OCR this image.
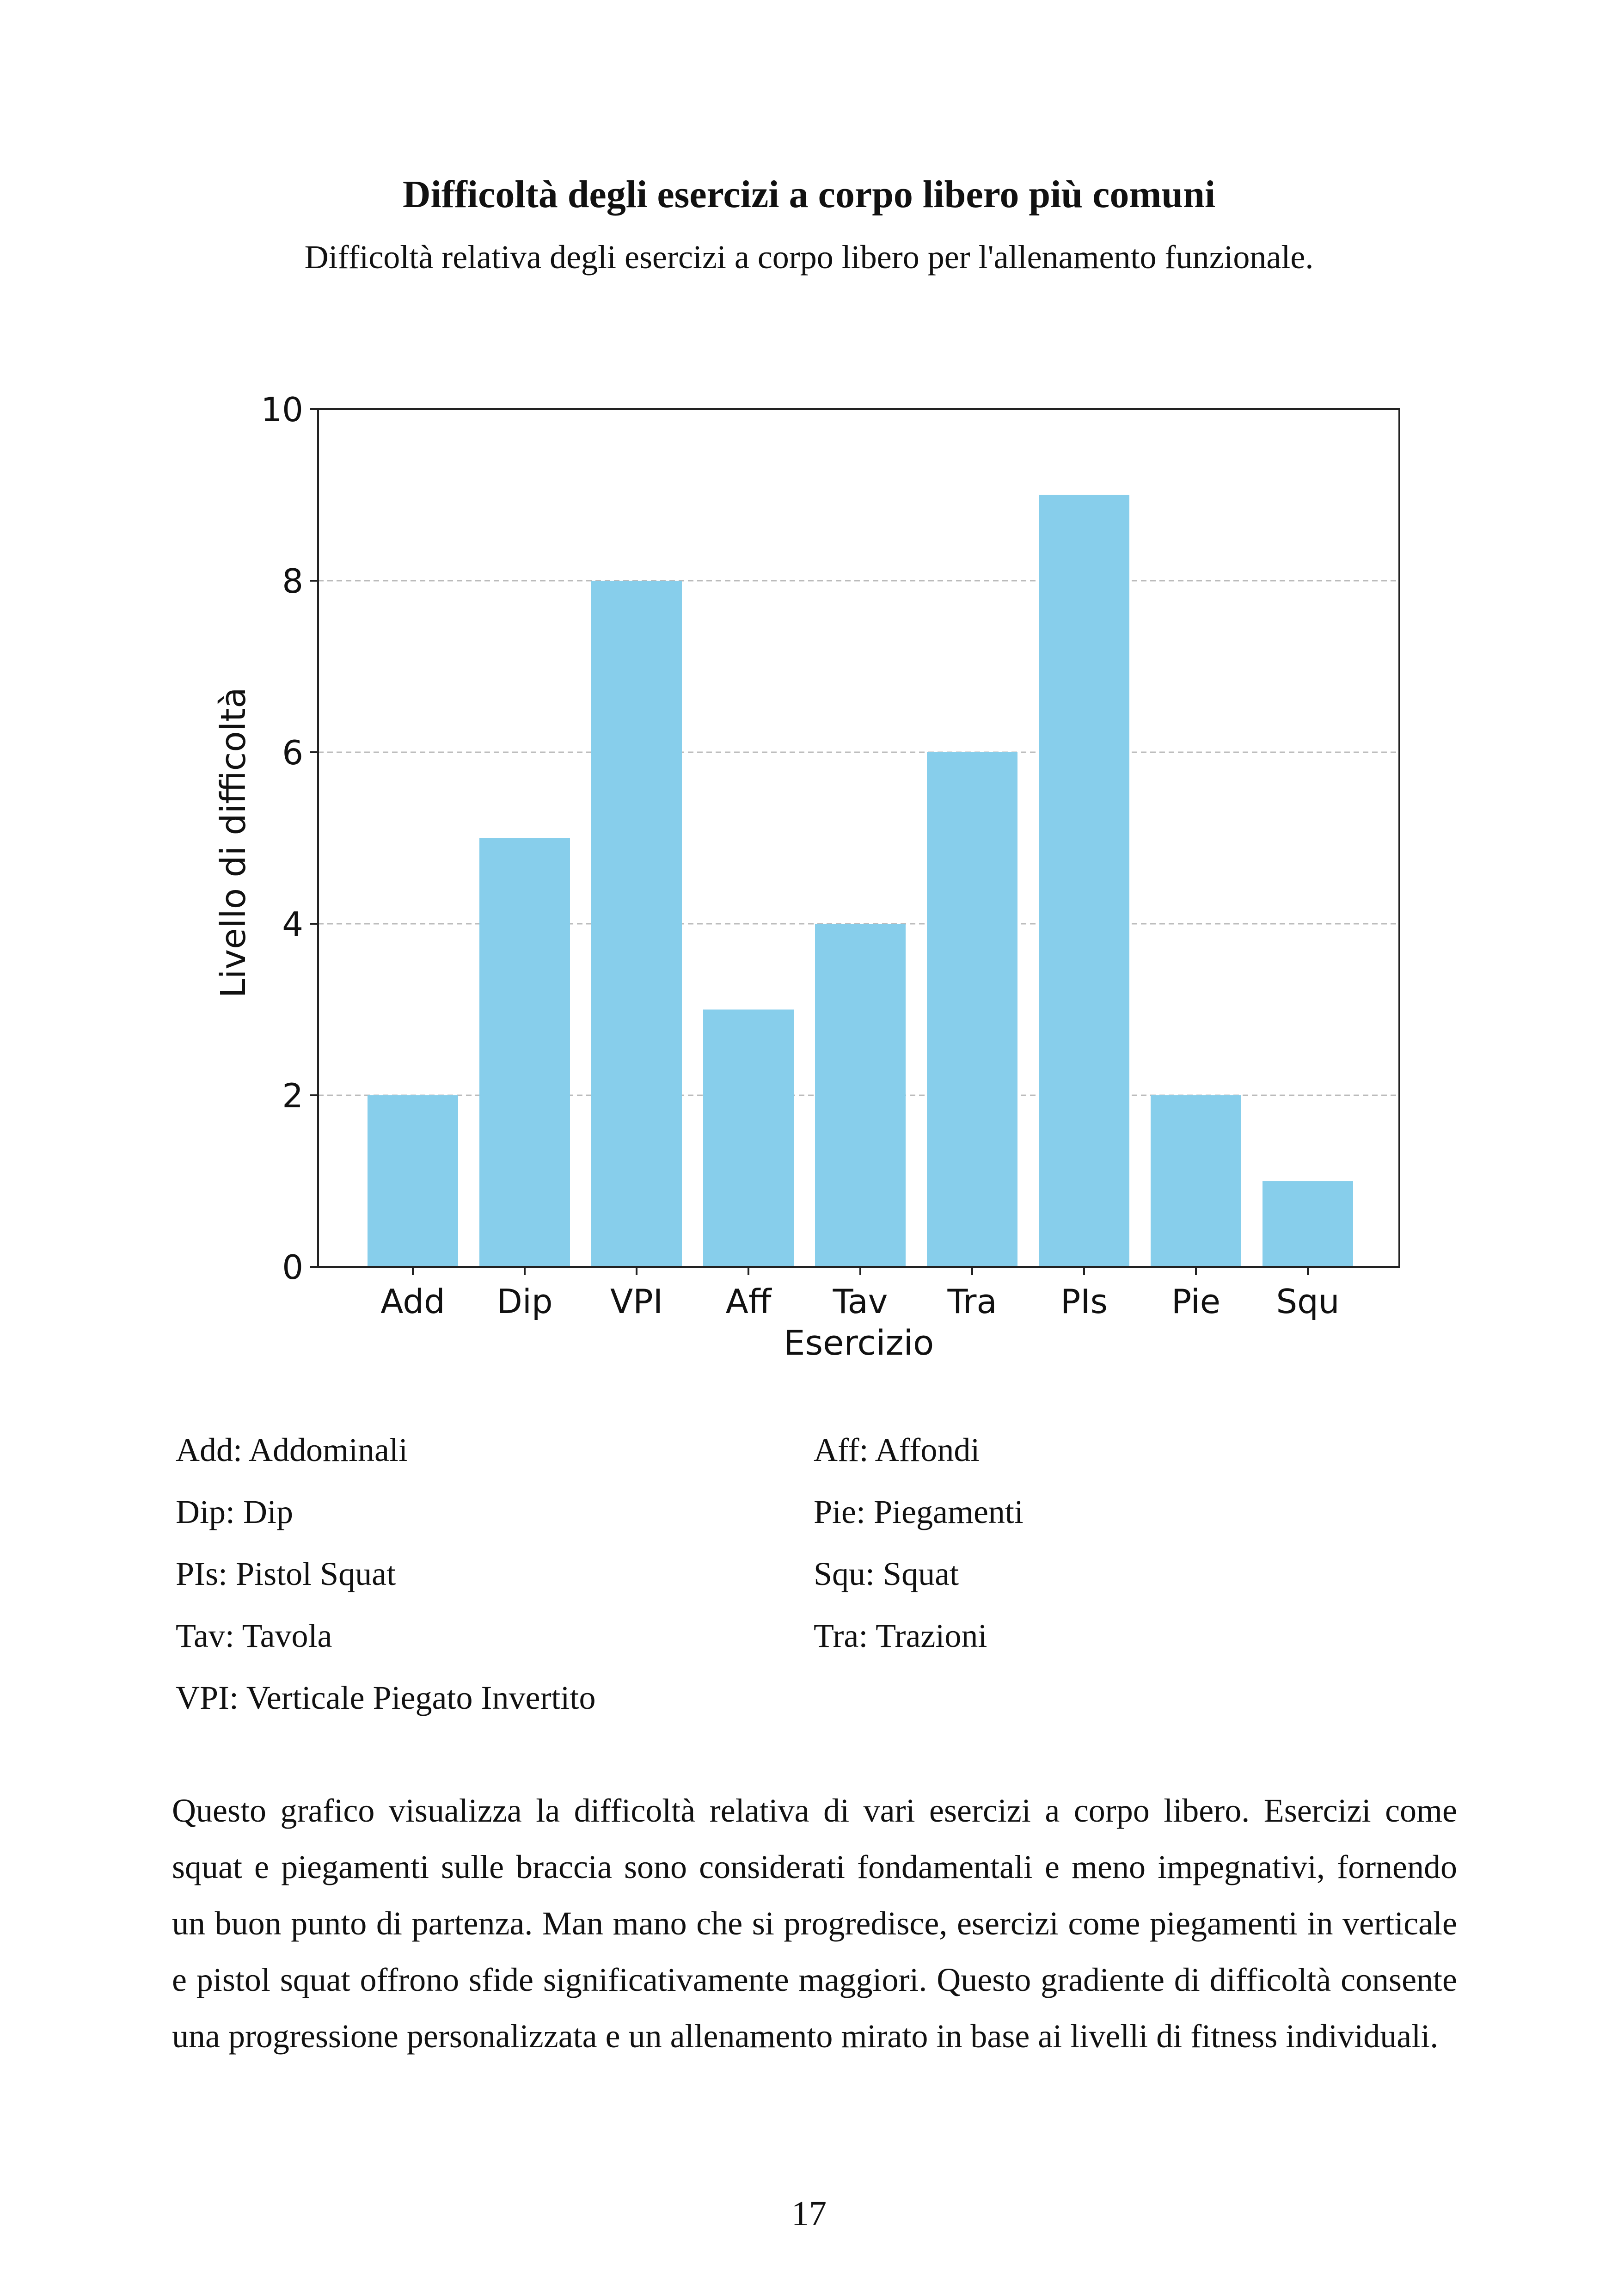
Difficoltà degli esercizi a corpo libero più comuni
Difficoltà relativa degli esercizi a corpo libero per l'allenamento funzionale.
0
2
4
6
8
10
Add Dip VPI Aff Tav Tra PIs Pie Squ
Esercizio
Livello di difficoltà
Add: Addominali	Aff: Affondi
Dip: Dip	Pie: Piegamenti
PIs: Pistol Squat	Squ: Squat
Tav: Tavola	Tra: Trazioni
VPI: Verticale Piegato Invertito
Questo grafico visualizza la difficoltà relativa di vari esercizi a corpo libero. Esercizi come squat e piegamenti sulle braccia sono considerati fondamentali e meno impegnativi, fornendo un buon punto di partenza. Man mano che si progredisce, esercizi come piegamenti in verticale e pistol squat offrono sfide significativamente maggiori. Questo gradiente di difficoltà consente una progressione personalizzata e un allenamento mirato in base ai livelli di fitness individuali.
17
